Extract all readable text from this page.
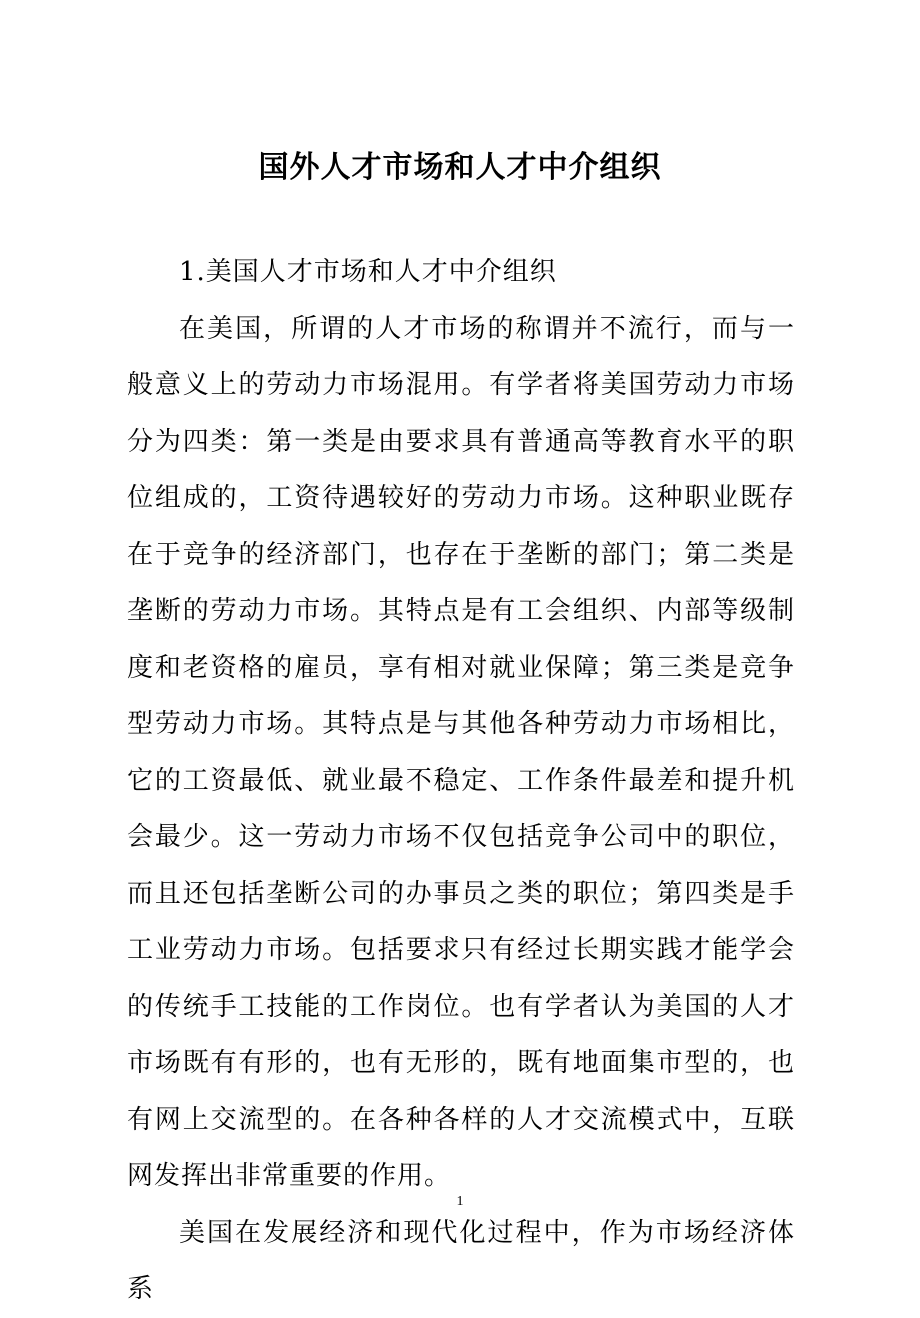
国外人才市场和人才中介组织

1.美国人才市场和人才中介组织

在美国，所谓的人才市场的称谓并不流行，而与一般意义上的劳动力市场混用。有学者将美国劳动力市场分为四类：第一类是由要求具有普通高等教育水平的职位组成的，工资待遇较好的劳动力市场。这种职业既存在于竞争的经济部门，也存在于垄断的部门；第二类是垄断的劳动力市场。其特点是有工会组织、内部等级制度和老资格的雇员，享有相对就业保障；第三类是竞争型劳动力市场。其特点是与其他各种劳动力市场相比，它的工资最低、就业最不稳定、工作条件最差和提升机会最少。这一劳动力市场不仅包括竞争公司中的职位，而且还包括垄断公司的办事员之类的职位；第四类是手工业劳动力市场。包括要求只有经过长期实践才能学会的传统手工技能的工作岗位。也有学者认为美国的人才市场既有有形的，也有无形的，既有地面集市型的，也有网上交流型的。在各种各样的人才交流模式中，互联网发挥出非常重要的作用。

美国在发展经济和现代化过程中，作为市场经济体系

1
